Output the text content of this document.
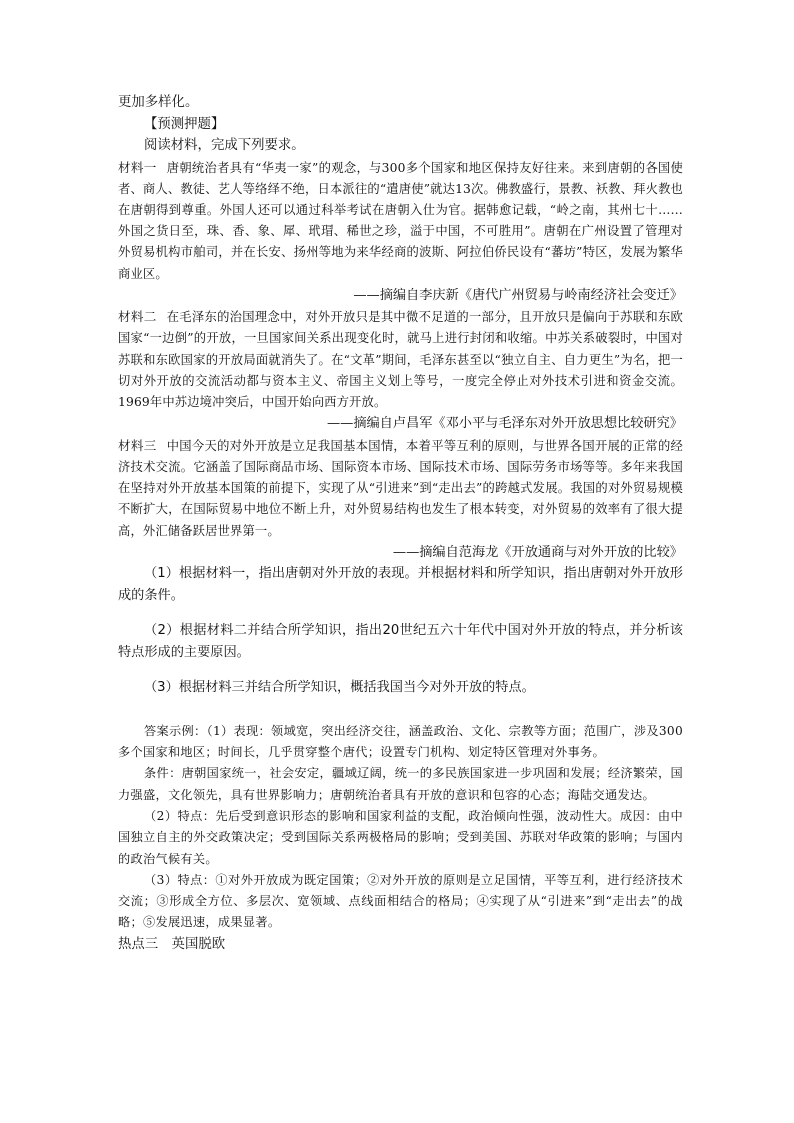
更加多样化。
【预测押题】
阅读材料，完成下列要求。

材料一 唐朝统治者具有“华夷一家”的观念，与300多个国家和地区保持友好往来。来到唐朝的各国使者、商人、教徒、艺人等络绎不绝，日本派往的“遣唐使”就达13次。佛教盛行，景教、袄教、拜火教也在唐朝得到尊重。外国人还可以通过科举考试在唐朝入仕为官。据韩愈记载，“岭之南，其州七十……外国之货日至，珠、香、象、犀、玳瑁、稀世之珍，溢于中国，不可胜用”。唐朝在广州设置了管理对外贸易机构市舶司，并在长安、扬州等地为来华经商的波斯、阿拉伯侨民设有“蕃坊”特区，发展为繁华商业区。

——摘编自李庆新《唐代广州贸易与岭南经济社会变迁》

材料二 在毛泽东的治国理念中，对外开放只是其中微不足道的一部分，且开放只是偏向于苏联和东欧国家“一边倒”的开放，一旦国家间关系出现变化时，就马上进行封闭和收缩。中苏关系破裂时，中国对苏联和东欧国家的开放局面就消失了。在“文革”期间，毛泽东甚至以“独立自主、自力更生”为名，把一切对外开放的交流活动都与资本主义、帝国主义划上等号，一度完全停止对外技术引进和资金交流。1969年中苏边境冲突后，中国开始向西方开放。

——摘编自卢昌军《邓小平与毛泽东对外开放思想比较研究》

材料三 中国今天的对外开放是立足我国基本国情，本着平等互利的原则，与世界各国开展的正常的经济技术交流。它涵盖了国际商品市场、国际资本市场、国际技术市场、国际劳务市场等等。多年来我国在坚持对外开放基本国策的前提下，实现了从“引进来”到“走出去”的跨越式发展。我国的对外贸易规模不断扩大，在国际贸易中地位不断上升，对外贸易结构也发生了根本转变，对外贸易的效率有了很大提高，外汇储备跃居世界第一。

——摘编自范海龙《开放通商与对外开放的比较》

（1）根据材料一，指出唐朝对外开放的表现。并根据材料和所学知识，指出唐朝对外开放形成的条件。

（2）根据材料二并结合所学知识，指出20世纪五六十年代中国对外开放的特点，并分析该特点形成的主要原因。

（3）根据材料三并结合所学知识，概括我国当今对外开放的特点。

答案示例：（1）表现：领域宽，突出经济交往，涵盖政治、文化、宗教等方面；范围广，涉及300多个国家和地区；时间长，几乎贯穿整个唐代；设置专门机构、划定特区管理对外事务。

条件：唐朝国家统一，社会安定，疆域辽阔，统一的多民族国家进一步巩固和发展；经济繁荣，国力强盛，文化领先，具有世界影响力；唐朝统治者具有开放的意识和包容的心态；海陆交通发达。

（2）特点：先后受到意识形态的影响和国家利益的支配，政治倾向性强，波动性大。成因：由中国独立自主的外交政策决定；受到国际关系两极格局的影响；受到美国、苏联对华政策的影响；与国内的政治气候有关。

（3）特点：①对外开放成为既定国策；②对外开放的原则是立足国情，平等互利，进行经济技术交流；③形成全方位、多层次、宽领域、点线面相结合的格局；④实现了从“引进来”到“走出去”的战略；⑤发展迅速，成果显著。

热点三　英国脱欧
